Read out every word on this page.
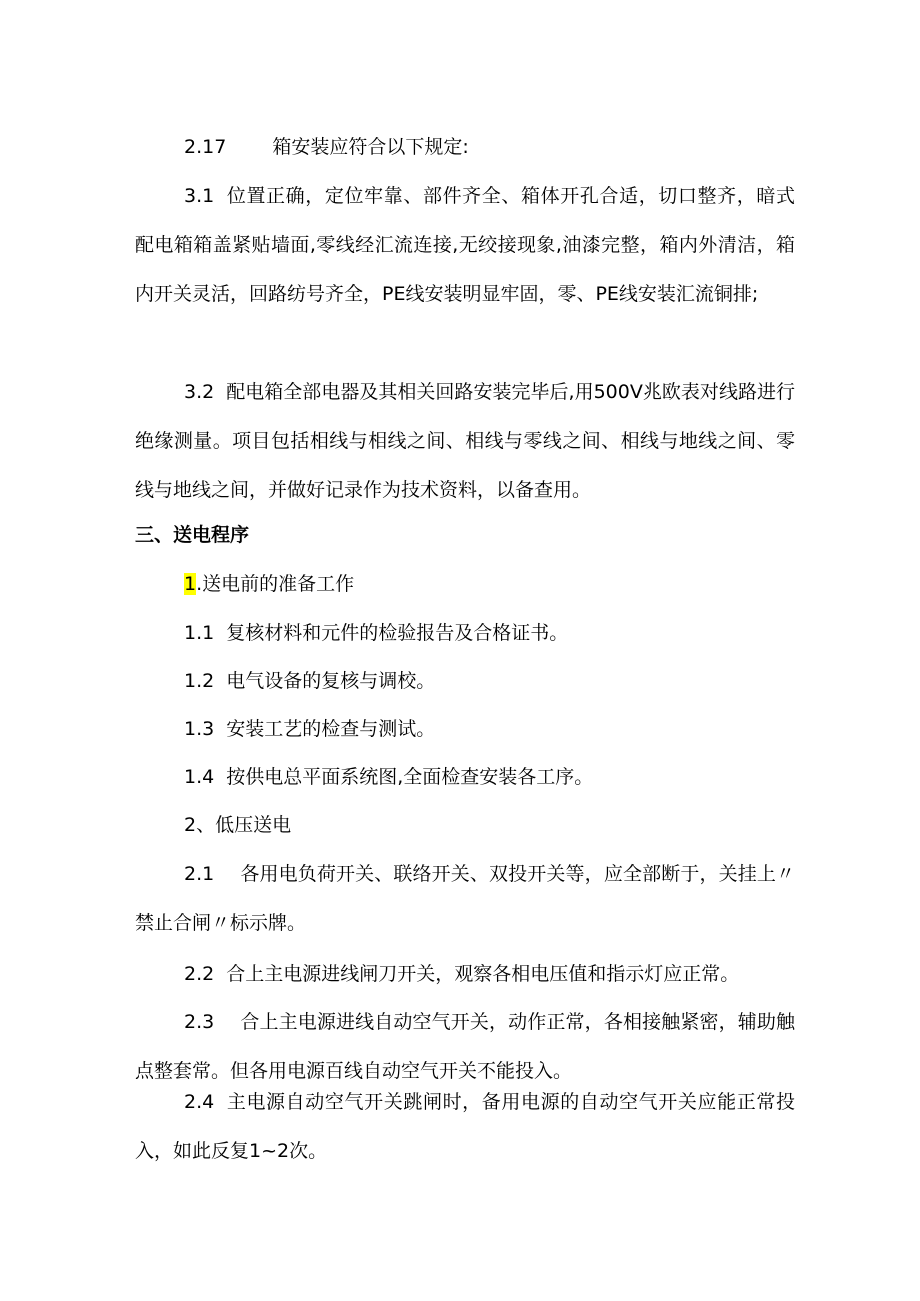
2.17 箱安装应符合以下规定:

3.1 位置正确，定位牢靠、部件齐全、箱体开孔合适，切口整齐，暗式配电箱箱盖紧贴墙面,零线经汇流连接,无绞接现象,油漆完整，箱内外清洁，箱内开关灵活，回路纺号齐全，PE线安装明显牢固，零、PE线安装汇流铜排;

3.2 配电箱全部电器及其相关回路安装完毕后,用500V兆欧表对线路进行绝缘测量。项目包括相线与相线之间、相线与零线之间、相线与地线之间、零线与地线之间，并做好记录作为技术资料，以备查用。

三、送电程序

1.送电前的准备工作

1.1 复核材料和元件的检验报告及合格证书。

1.2 电气设备的复核与调校。

1.3 安装工艺的检查与测试。

1.4 按供电总平面系统图,全面检查安装各工序。

2、低压送电

2.1 各用电负荷开关、联络开关、双投开关等，应全部断于，关挂上〃禁止合闸〃标示牌。

2.2 合上主电源进线闸刀开关，观察各相电压值和指示灯应正常。

2.3 合上主电源进线自动空气开关，动作正常，各相接触紧密，辅助触点整套常。但各用电源百线自动空气开关不能投入。

2.4 主电源自动空气开关跳闸时，备用电源的自动空气开关应能正常投入，如此反复1~2次。
